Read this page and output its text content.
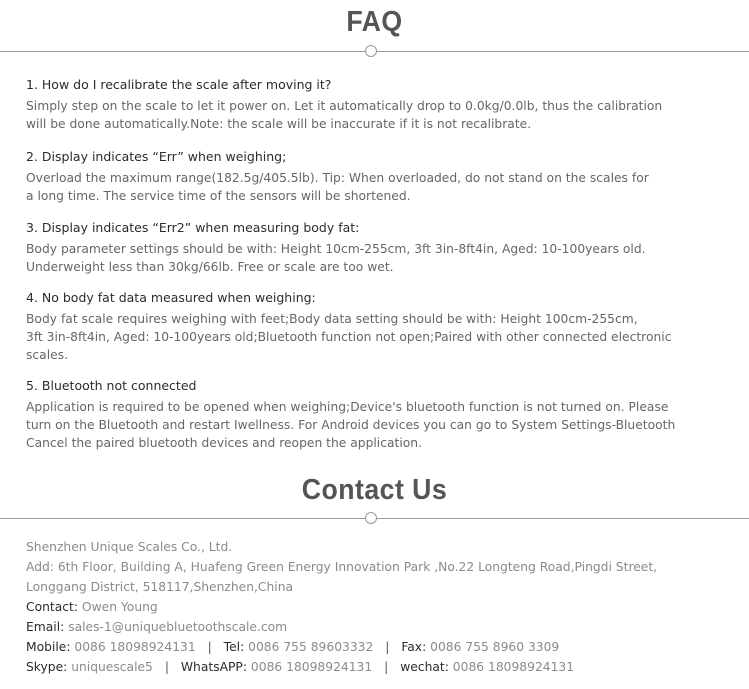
FAQ

1. How do I recalibrate the scale after moving it?

Simply step on the scale to let it power on. Let it automatically drop to 0.0kg/0.0lb, thus the calibration
will be done automatically.Note: the scale will be inaccurate if it is not recalibrate.

2. Display indicates “Err” when weighing;

Overload the maximum range(182.5g/405.5lb). Tip: When overloaded, do not stand on the scales for
a long time. The service time of the sensors will be shortened.

3. Display indicates “Err2” when measuring body fat:

Body parameter settings should be with: Height 10cm-255cm, 3ft 3in-8ft4in, Aged: 10-100years old.
Underweight less than 30kg/66lb. Free or scale are too wet.

4. No body fat data measured when weighing:

Body fat scale requires weighing with feet;Body data setting should be with: Height 100cm-255cm,
3ft 3in-8ft4in, Aged: 10-100years old;Bluetooth function not open;Paired with other connected electronic
scales.

5. Bluetooth not connected

Application is required to be opened when weighing;Device's bluetooth function is not turned on. Please
turn on the Bluetooth and restart Iwellness. For Android devices you can go to System Settings-Bluetooth
Cancel the paired bluetooth devices and reopen the application.

Contact Us

Shenzhen Unique Scales Co., Ltd.

Add: 6th Floor, Building A, Huafeng Green Energy Innovation Park ,No.22 Longteng Road,Pingdi Street,

Longgang District, 518117,Shenzhen,China

Contact: Owen Young

Email: sales-1@uniquebluetoothscale.com

Mobile: 0086 18098924131 | Tel: 0086 755 89603332 | Fax: 0086 755 8960 3309

Skype: uniquescale5 | WhatsAPP: 0086 18098924131 | wechat: 0086 18098924131
